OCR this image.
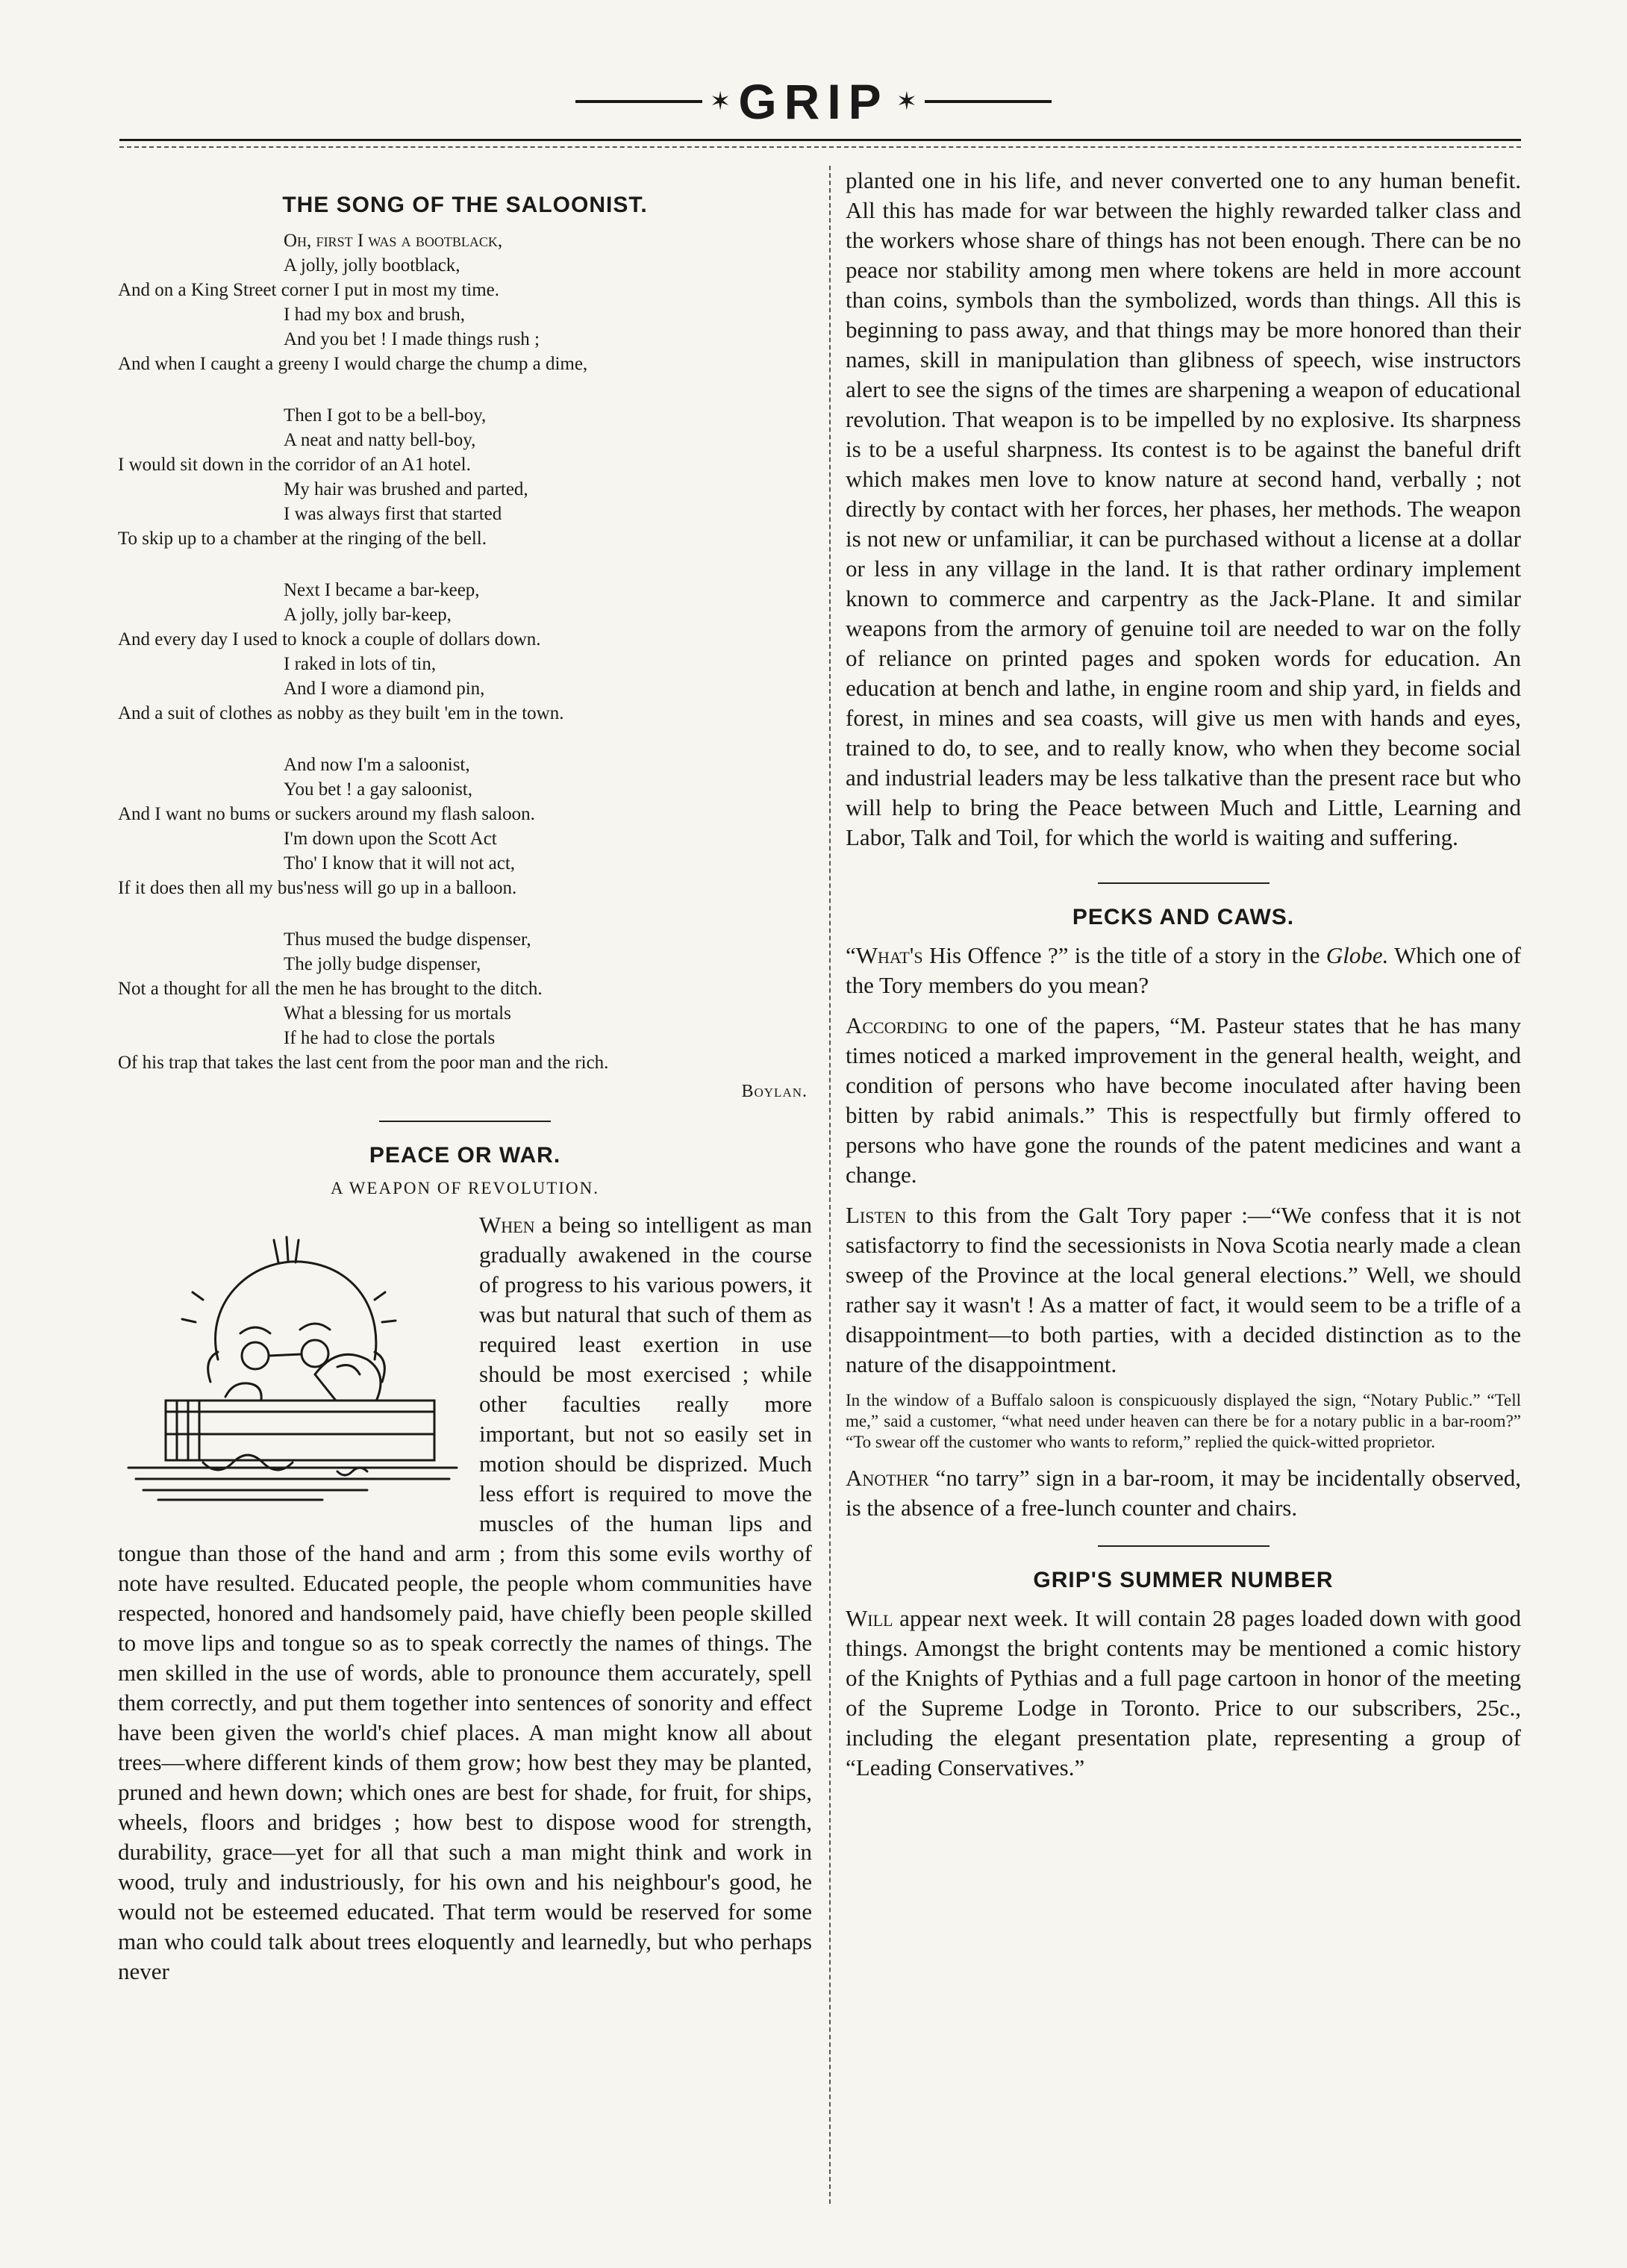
✶ GRIP ✶
THE SONG OF THE SALOONIST.
Oh, first I was a bootblack,
A jolly, jolly bootblack,
And on a King Street corner I put in most my time.
I had my box and brush,
And you bet ! I made things rush ;
And when I caught a greeny I would charge the chump a dime,
Then I got to be a bell-boy,
A neat and natty bell-boy,
I would sit down in the corridor of an A1 hotel.
My hair was brushed and parted,
I was always first that started
To skip up to a chamber at the ringing of the bell.
Next I became a bar-keep,
A jolly, jolly bar-keep,
And every day I used to knock a couple of dollars down.
I raked in lots of tin,
And I wore a diamond pin,
And a suit of clothes as nobby as they built 'em in the town.
And now I'm a saloonist,
You bet ! a gay saloonist,
And I want no bums or suckers around my flash saloon.
I'm down upon the Scott Act
Tho' I know that it will not act,
If it does then all my bus'ness will go up in a balloon.
Thus mused the budge dispenser,
The jolly budge dispenser,
Not a thought for all the men he has brought to the ditch.
What a blessing for us mortals
If he had to close the portals
Of his trap that takes the last cent from the poor man and the rich.
Boylan.
PEACE OR WAR.
A WEAPON OF REVOLUTION.

When a being so intelligent as man gradually awakened in the course of progress to his various powers, it was but natural that such of them as required least exertion in use should be most exercised ; while other faculties really more important, but not so easily set in motion should be disprized. Much less effort is required to move the muscles of the human lips and tongue than those of the hand and arm ; from this some evils worthy of note have resulted. Educated people, the people whom communities have respected, honored and handsomely paid, have chiefly been people skilled to move lips and tongue so as to speak correctly the names of things. The men skilled in the use of words, able to pronounce them accurately, spell them correctly, and put them together into sentences of sonority and effect have been given the world's chief places. A man might know all about trees—where different kinds of them grow; how best they may be planted, pruned and hewn down; which ones are best for shade, for fruit, for ships, wheels, floors and bridges ; how best to dispose wood for strength, durability, grace—yet for all that such a man might think and work in wood, truly and industriously, for his own and his neighbour's good, he would not be esteemed educated. That term would be reserved for some man who could talk about trees eloquently and learnedly, but who perhaps never

planted one in his life, and never converted one to any human benefit. All this has made for war between the highly rewarded talker class and the workers whose share of things has not been enough. There can be no peace nor stability among men where tokens are held in more account than coins, symbols than the symbolized, words than things. All this is beginning to pass away, and that things may be more honored than their names, skill in manipulation than glibness of speech, wise instructors alert to see the signs of the times are sharpening a weapon of educational revolution. That weapon is to be impelled by no explosive. Its sharpness is to be a useful sharpness. Its contest is to be against the baneful drift which makes men love to know nature at second hand, verbally ; not directly by contact with her forces, her phases, her methods. The weapon is not new or unfamiliar, it can be purchased without a license at a dollar or less in any village in the land. It is that rather ordinary implement known to commerce and carpentry as the Jack-Plane. It and similar weapons from the armory of genuine toil are needed to war on the folly of reliance on printed pages and spoken words for education. An education at bench and lathe, in engine room and ship yard, in fields and forest, in mines and sea coasts, will give us men with hands and eyes, trained to do, to see, and to really know, who when they become social and industrial leaders may be less talkative than the present race but who will help to bring the Peace between Much and Little, Learning and Labor, Talk and Toil, for which the world is waiting and suffering.

PECKS AND CAWS.

“What's His Offence ?” is the title of a story in the Globe. Which one of the Tory members do you mean?

According to one of the papers, “M. Pasteur states that he has many times noticed a marked improvement in the general health, weight, and condition of persons who have become inoculated after having been bitten by rabid animals.” This is respectfully but firmly offered to persons who have gone the rounds of the patent medicines and want a change.

Listen to this from the Galt Tory paper :—“We confess that it is not satisfactorry to find the secessionists in Nova Scotia nearly made a clean sweep of the Province at the local general elections.” Well, we should rather say it wasn't ! As a matter of fact, it would seem to be a trifle of a disappointment—to both parties, with a decided distinction as to the nature of the disappointment.

In the window of a Buffalo saloon is conspicuously displayed the sign, “Notary Public.” “Tell me,” said a customer, “what need under heaven can there be for a notary public in a bar-room?” “To swear off the customer who wants to reform,” replied the quick-witted proprietor.

Another “no tarry” sign in a bar-room, it may be incidentally observed, is the absence of a free-lunch counter and chairs.

GRIP'S SUMMER NUMBER

Will appear next week. It will contain 28 pages loaded down with good things. Amongst the bright contents may be mentioned a comic history of the Knights of Pythias and a full page cartoon in honor of the meeting of the Supreme Lodge in Toronto. Price to our subscribers, 25c., including the elegant presentation plate, representing a group of “Leading Conservatives.”
